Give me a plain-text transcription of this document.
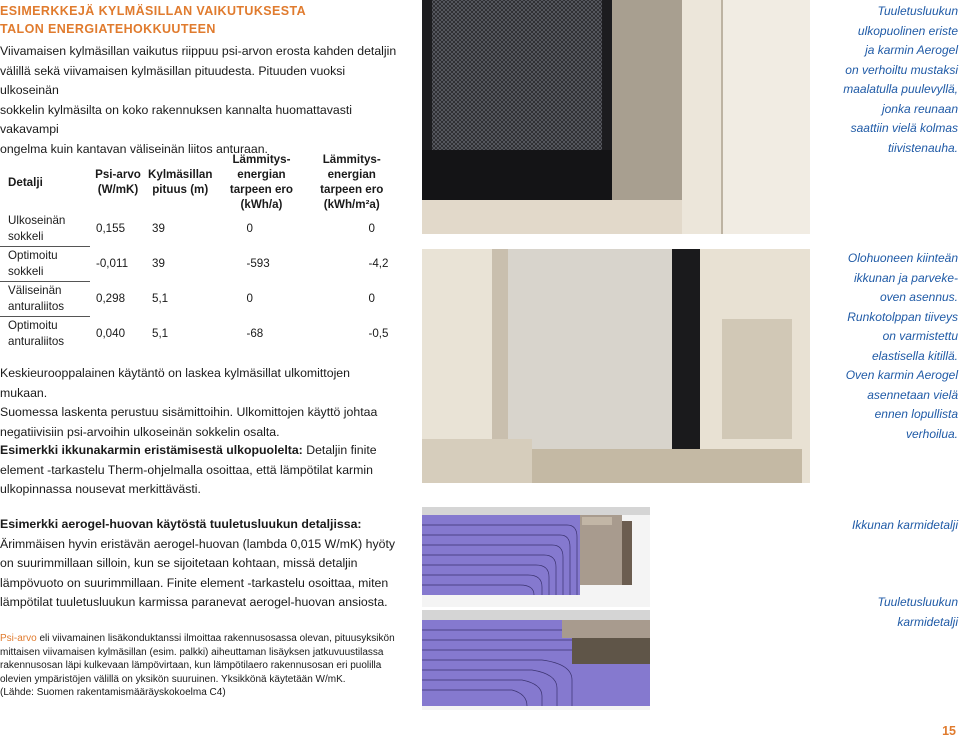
ESIMERKKEJÄ KYLMÄSILLAN VAIKUTUKSESTA
TALON ENERGIATEHOKKUUTEEN
Viivamaisen kylmäsillan vaikutus riippuu psi-arvon erosta kahden detaljin
välillä sekä viivamaisen kylmäsillan pituudesta. Pituuden vuoksi ulkoseinän
sokkelin kylmäsilta on koko rakennuksen kannalta huomattavasti vakavampi
ongelma kuin kantavan väliseinän liitos anturaan.
Detalji	Psi-arvo (W/mK)	Kylmäsillan pituus (m)	Lämmitys-energian tarpeen ero (kWh/a)	Lämmitys-energian tarpeen ero (kWh/m²a)
Ulkoseinän sokkeli	0,155	39	0	0
Optimoitu sokkeli	-0,011	39	-593	-4,2
Väliseinän anturaliitos	0,298	5,1	0	0
Optimoitu anturaliitos	0,040	5,1	-68	-0,5
Keskieurooppalainen käytäntö on laskea kylmäsillat ulkomittojen mukaan.
Suomessa laskenta perustuu sisämittoihin. Ulkomittojen käyttö johtaa
negatiivisiin psi-arvoihin ulkoseinän sokkelin osalta.
Esimerkki ikkunakarmin eristämisestä ulkopuolelta: Detaljin finite element -tarkastelu Therm-ohjelmalla osoittaa, että lämpötilat karmin ulkopinnassa nousevat merkittävästi.
Esimerkki aerogel-huovan käytöstä tuuletusluukun detaljissa: Ärimmäisen hyvin eristävän aerogel-huovan (lambda 0,015 W/mK) hyöty on suurimmillaan silloin, kun se sijoitetaan kohtaan, missä detaljin lämpövuoto on suurimmillaan. Finite element -tarkastelu osoittaa, miten lämpötilat tuuletusluukun karmissa paranevat aerogel-huovan ansiosta.
Psi-arvo eli viivamainen lisäkonduktanssi ilmoittaa rakennusosassa olevan, pituusyksikön mittaisen viivamaisen kylmäsillan (esim. palkki) aiheuttaman lisäyksen jatkuvuustilassa rakennusosan läpi kulkevaan lämpövirtaan, kun lämpötilaero rakennusosan eri puolilla olevien ympäristöjen välillä on yksikön suuruinen. Yksikkönä käytetään W/mK.
(Lähde: Suomen rakentamismääräyskokoelma C4)
Tuuletusluukun
ulkopuolinen eriste
ja karmin Aerogel
on verhoiltu mustaksi
maalatulla puulevyllä,
jonka reunaan
saattiin vielä kolmas
tiivistenauha.
Olohuoneen kiinteän
ikkunan ja parveke-
oven asennus.
Runkotolppan tiiveys
on varmistettu
elastisella kitillä.
Oven karmin Aerogel
asennetaan vielä
ennen lopullista
verhoilua.
Ikkunan karmidetalji
Tuuletusluukun
karmidetalji
15
